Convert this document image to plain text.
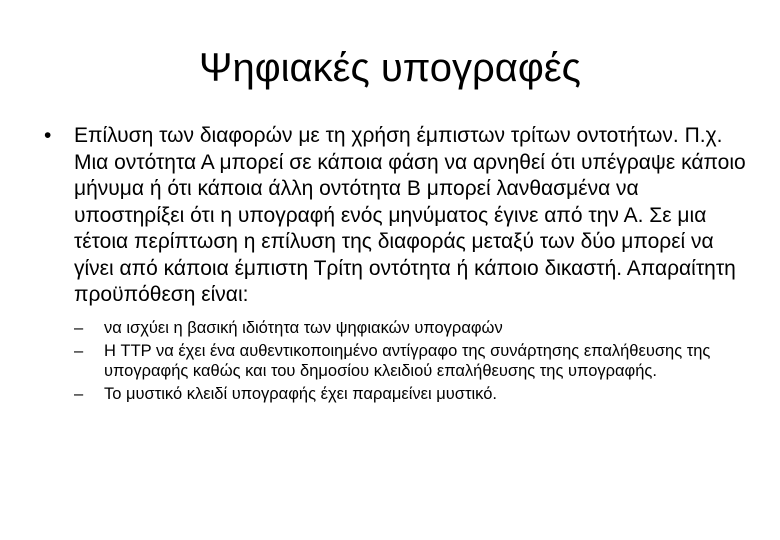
Ψηφιακές υπογραφές
•	Επίλυση των διαφορών με τη χρήση έμπιστων τρίτων οντοτήτων. Π.χ. Μια οντότητα Α μπορεί σε κάποια φάση να αρνηθεί ότι υπέγραψε κάποιο μήνυμα ή ότι κάποια άλλη οντότητα Β μπορεί λανθασμένα να υποστηρίξει ότι η υπογραφή ενός μηνύματος έγινε από την Α. Σε μια τέτοια περίπτωση η επίλυση της διαφοράς μεταξύ των δύο μπορεί να γίνει από κάποια έμπιστη Τρίτη οντότητα ή κάποιο δικαστή. Απαραίτητη προϋπόθεση είναι:
–	να ισχύει η βασική ιδιότητα των ψηφιακών υπογραφών
–	Η TTP να έχει ένα αυθεντικοποιημένο αντίγραφο της συνάρτησης επαλήθευσης της υπογραφής καθώς και του δημοσίου κλειδιού επαλήθευσης της υπογραφής.
–	Το μυστικό κλειδί υπογραφής έχει παραμείνει μυστικό.
